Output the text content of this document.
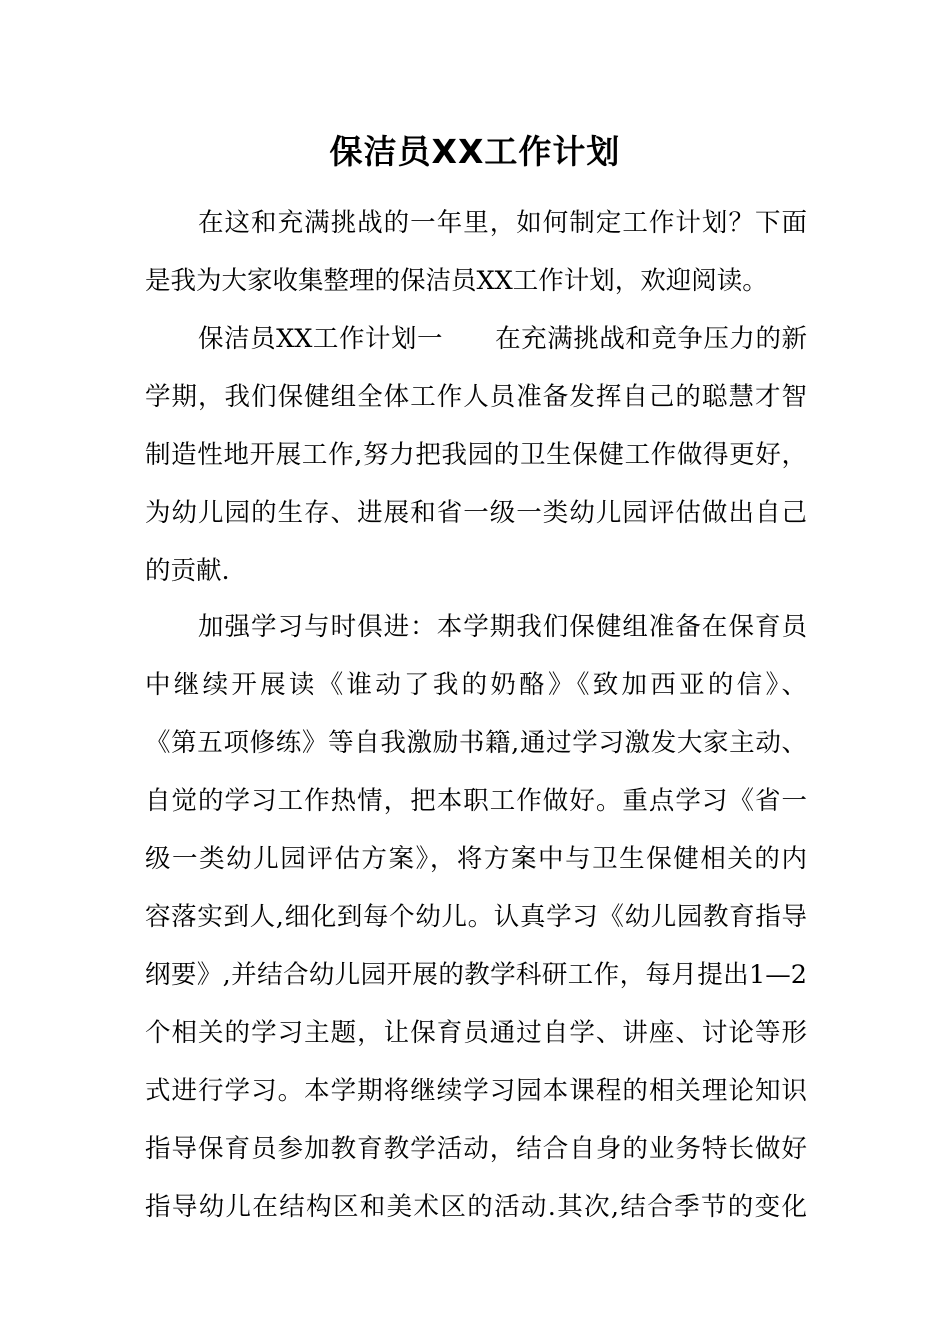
保洁员XX工作计划
在这和充满挑战的一年里，如何制定工作计划？下面
是我为大家收集整理的保洁员XX工作计划，欢迎阅读。
保洁员XX工作计划一　　在充满挑战和竞争压力的新
学期，我们保健组全体工作人员准备发挥自己的聪慧才智
制造性地开展工作,努力把我园的卫生保健工作做得更好，
为幼儿园的生存、进展和省一级一类幼儿园评估做出自己
的贡献.
加强学习与时俱进：本学期我们保健组准备在保育员
中继续开展读《谁动了我的奶酪》《致加西亚的信》、
《第五项修练》等自我激励书籍,通过学习激发大家主动、
自觉的学习工作热情，把本职工作做好。重点学习《省一
级一类幼儿园评估方案》，将方案中与卫生保健相关的内
容落实到人,细化到每个幼儿。认真学习《幼儿园教育指导
纲要》,并结合幼儿园开展的教学科研工作，每月提出1—2
个相关的学习主题，让保育员通过自学、讲座、讨论等形
式进行学习。本学期将继续学习园本课程的相关理论知识
指导保育员参加教育教学活动，结合自身的业务特长做好
指导幼儿在结构区和美术区的活动.其次,结合季节的变化
